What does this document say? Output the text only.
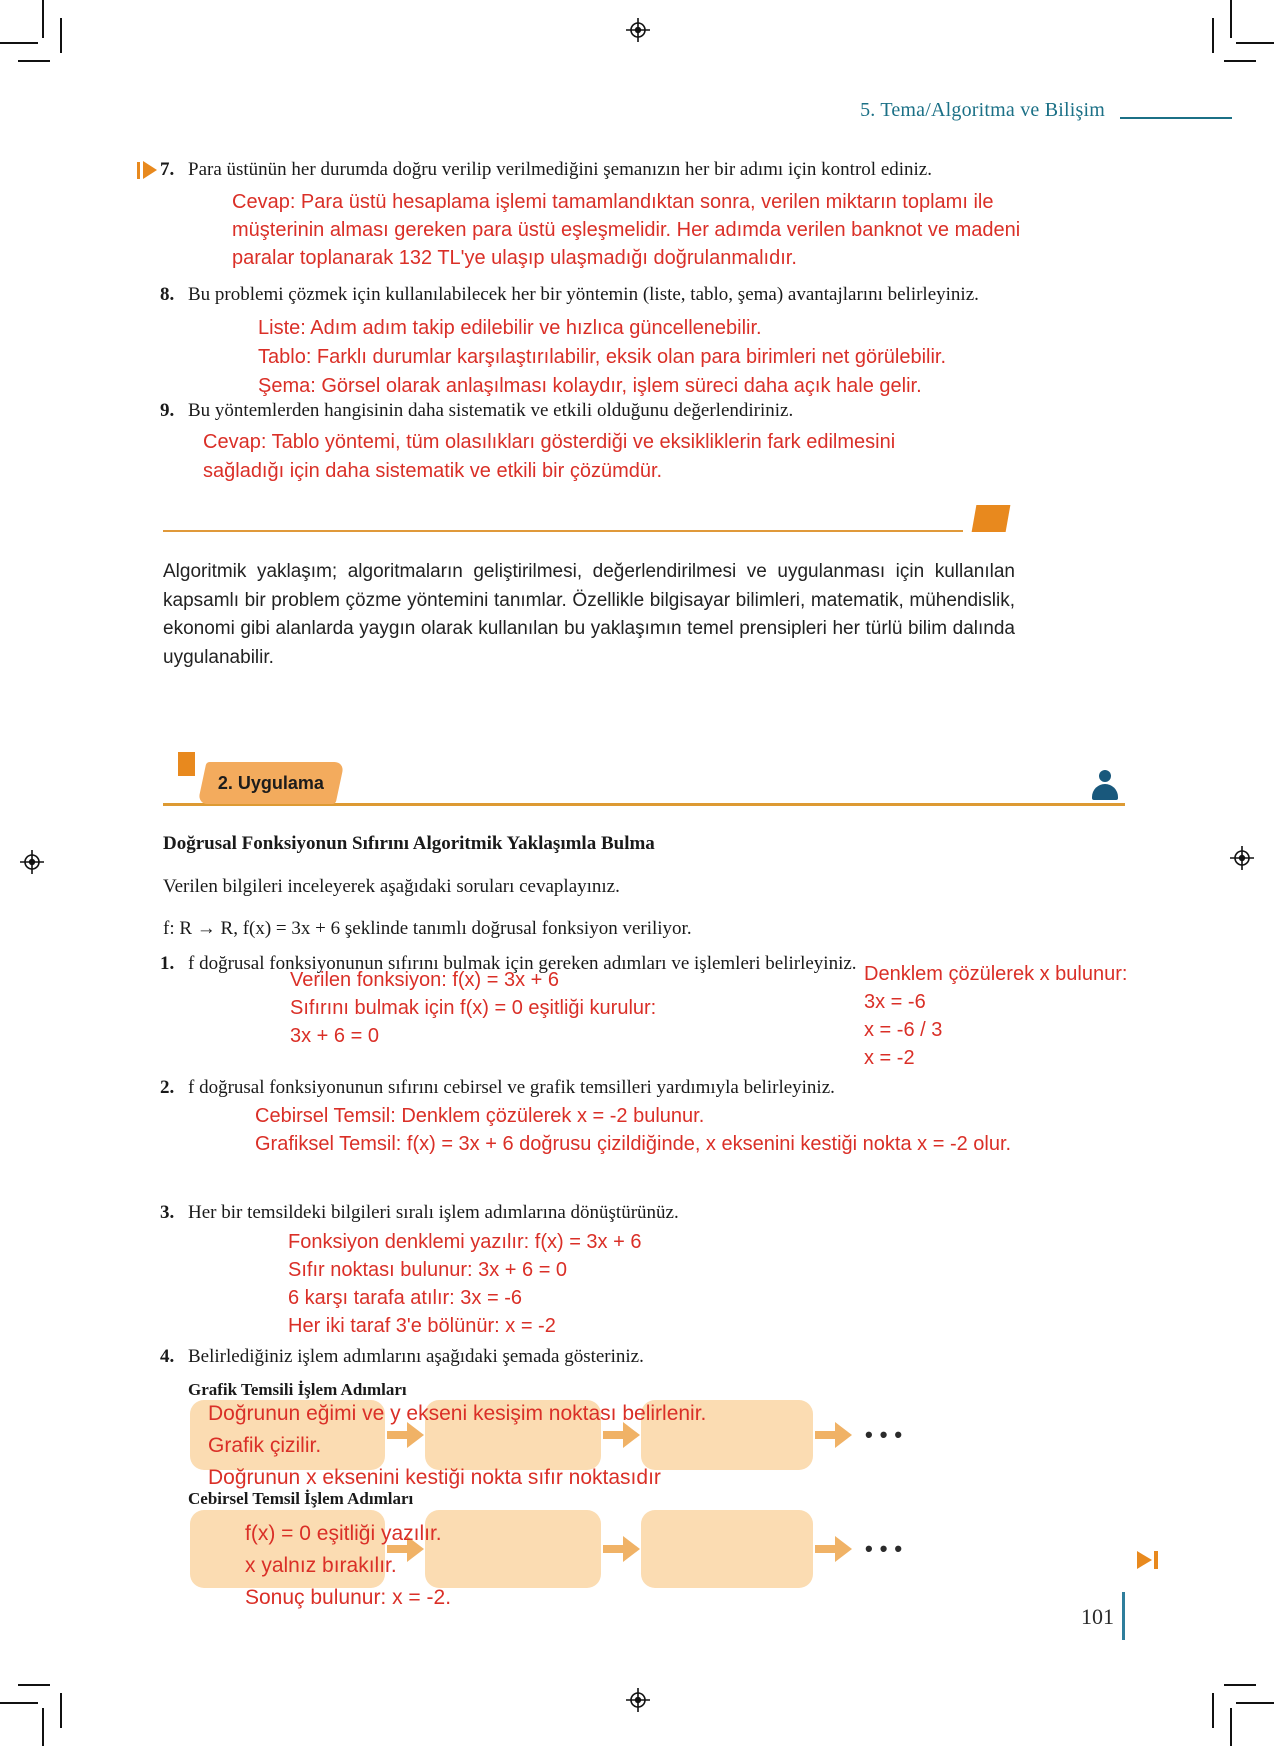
5. Tema/Algoritma ve Bilişim
7. Para üstünün her durumda doğru verilip verilmediğini şemanızın her bir adımı için kontrol ediniz.
Cevap: Para üstü hesaplama işlemi tamamlandıktan sonra, verilen miktarın toplamı ile
müşterinin alması gereken para üstü eşleşmelidir. Her adımda verilen banknot ve madeni
paralar toplanarak 132 TL'ye ulaşıp ulaşmadığı doğrulanmalıdır.
8. Bu problemi çözmek için kullanılabilecek her bir yöntemin (liste, tablo, şema) avantajlarını belirleyiniz.
Liste: Adım adım takip edilebilir ve hızlıca güncellenebilir.
Tablo: Farklı durumlar karşılaştırılabilir, eksik olan para birimleri net görülebilir.
Şema: Görsel olarak anlaşılması kolaydır, işlem süreci daha açık hale gelir.
9. Bu yöntemlerden hangisinin daha sistematik ve etkili olduğunu değerlendiriniz.
Cevap: Tablo yöntemi, tüm olasılıkları gösterdiği ve eksikliklerin fark edilmesini
sağladığı için daha sistematik ve etkili bir çözümdür.
Algoritmik yaklaşım; algoritmaların geliştirilmesi, değerlendirilmesi ve uygulanması için kullanılan kapsamlı bir problem çözme yöntemini tanımlar. Özellikle bilgisayar bilimleri, matematik, mühendislik, ekonomi gibi alanlarda yaygın olarak kullanılan bu yaklaşımın temel prensipleri her türlü bilim dalında uygulanabilir.
2. Uygulama
Doğrusal Fonksiyonun Sıfırını Algoritmik Yaklaşımla Bulma
Verilen bilgileri inceleyerek aşağıdaki soruları cevaplayınız.
f: R → R, f(x) = 3x + 6 şeklinde tanımlı doğrusal fonksiyon veriliyor.
1. f doğrusal fonksiyonunun sıfırını bulmak için gereken adımları ve işlemleri belirleyiniz.
Verilen fonksiyon: f(x) = 3x + 6
Sıfırını bulmak için f(x) = 0 eşitliği kurulur:
3x + 6 = 0
Denklem çözülerek x bulunur:
3x = -6
x = -6 / 3
x = -2
2. f doğrusal fonksiyonunun sıfırını cebirsel ve grafik temsilleri yardımıyla belirleyiniz.
Cebirsel Temsil: Denklem çözülerek x = -2 bulunur.
Grafiksel Temsil: f(x) = 3x + 6 doğrusu çizildiğinde, x eksenini kestiği nokta x = -2 olur.
3. Her bir temsildeki bilgileri sıralı işlem adımlarına dönüştürünüz.
Fonksiyon denklemi yazılır: f(x) = 3x + 6
Sıfır noktası bulunur: 3x + 6 = 0
6 karşı tarafa atılır: 3x = -6
Her iki taraf 3'e bölünür: x = -2
4. Belirlediğiniz işlem adımlarını aşağıdaki şemada gösteriniz.
Grafik Temsili İşlem Adımları
•••
Doğrunun eğimi ve y ekseni kesişim noktası belirlenir.
Grafik çizilir.
Doğrunun x eksenini kestiği nokta sıfır noktasıdır
Cebirsel Temsil İşlem Adımları
•••
f(x) = 0 eşitliği yazılır.
x yalnız bırakılır.
Sonuç bulunur: x = -2.
101
